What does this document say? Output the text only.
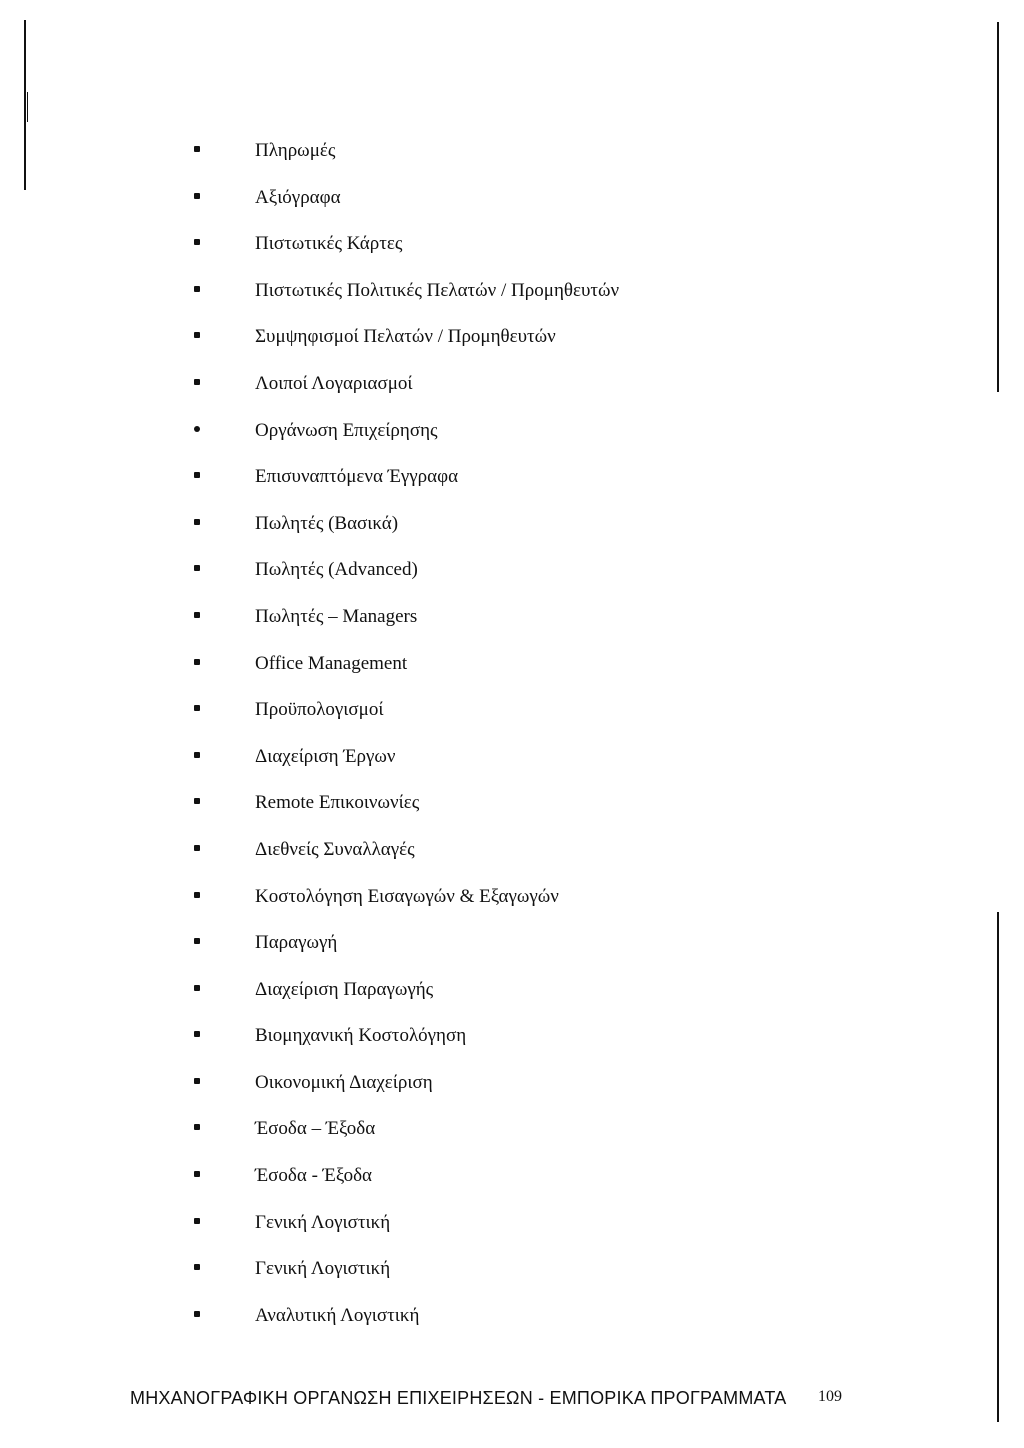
Πληρωμές
Αξιόγραφα
Πιστωτικές Κάρτες
Πιστωτικές Πολιτικές Πελατών / Προμηθευτών
Συμψηφισμοί Πελατών / Προμηθευτών
Λοιποί Λογαριασμοί
Οργάνωση Επιχείρησης
Επισυναπτόμενα Έγγραφα
Πωλητές (Βασικά)
Πωλητές (Advanced)
Πωλητές – Managers
Office Management
Προϋπολογισμοί
Διαχείριση Έργων
Remote Επικοινωνίες
Διεθνείς Συναλλαγές
Κοστολόγηση Εισαγωγών & Εξαγωγών
Παραγωγή
Διαχείριση Παραγωγής
Βιομηχανική Κοστολόγηση
Οικονομική Διαχείριση
Έσοδα – Έξοδα
Έσοδα - Έξοδα
Γενική Λογιστική
Γενική Λογιστική
Αναλυτική Λογιστική
ΜΗΧΑΝΟΓΡΑΦΙΚΗ ΟΡΓΑΝΩΣΗ ΕΠΙΧΕΙΡΗΣΕΩΝ - ΕΜΠΟΡΙΚΑ ΠΡΟΓΡΑΜΜΑΤΑ 109
